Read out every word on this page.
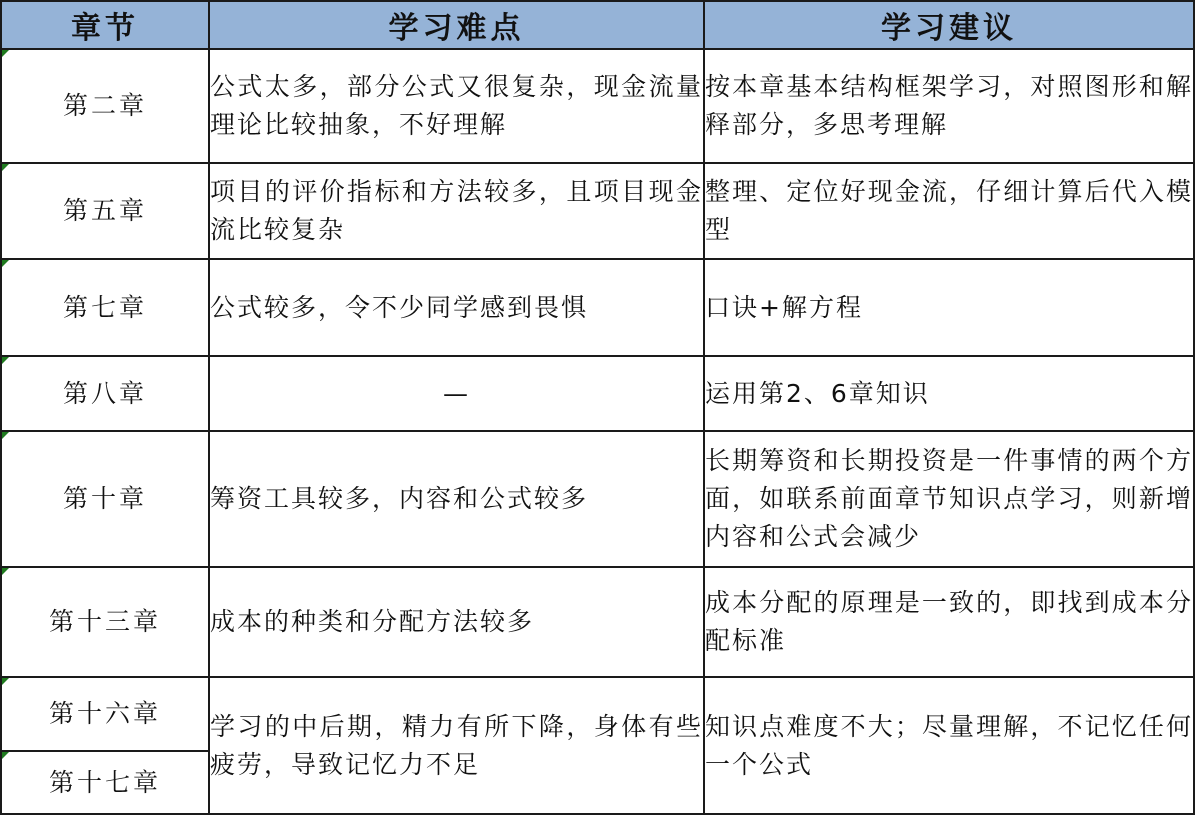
章节	学习难点	学习建议

第二章	公式太多，部分公式又很复杂，现金流量理论比较抽象，不好理解	按本章基本结构框架学习，对照图形和解释部分，多思考理解

第五章	项目的评价指标和方法较多，且项目现金流比较复杂	整理、定位好现金流，仔细计算后代入模型

第七章	公式较多，令不少同学感到畏惧	口诀+解方程

第八章	—	运用第2、6章知识

第十章	筹资工具较多，内容和公式较多	长期筹资和长期投资是一件事情的两个方面，如联系前面章节知识点学习，则新增内容和公式会减少

第十三章	成本的种类和分配方法较多	成本分配的原理是一致的，即找到成本分配标准

第十六章	学习的中后期，精力有所下降，身体有些疲劳，导致记忆力不足	知识点难度不大；尽量理解，不记忆任何一个公式

第十七章		
